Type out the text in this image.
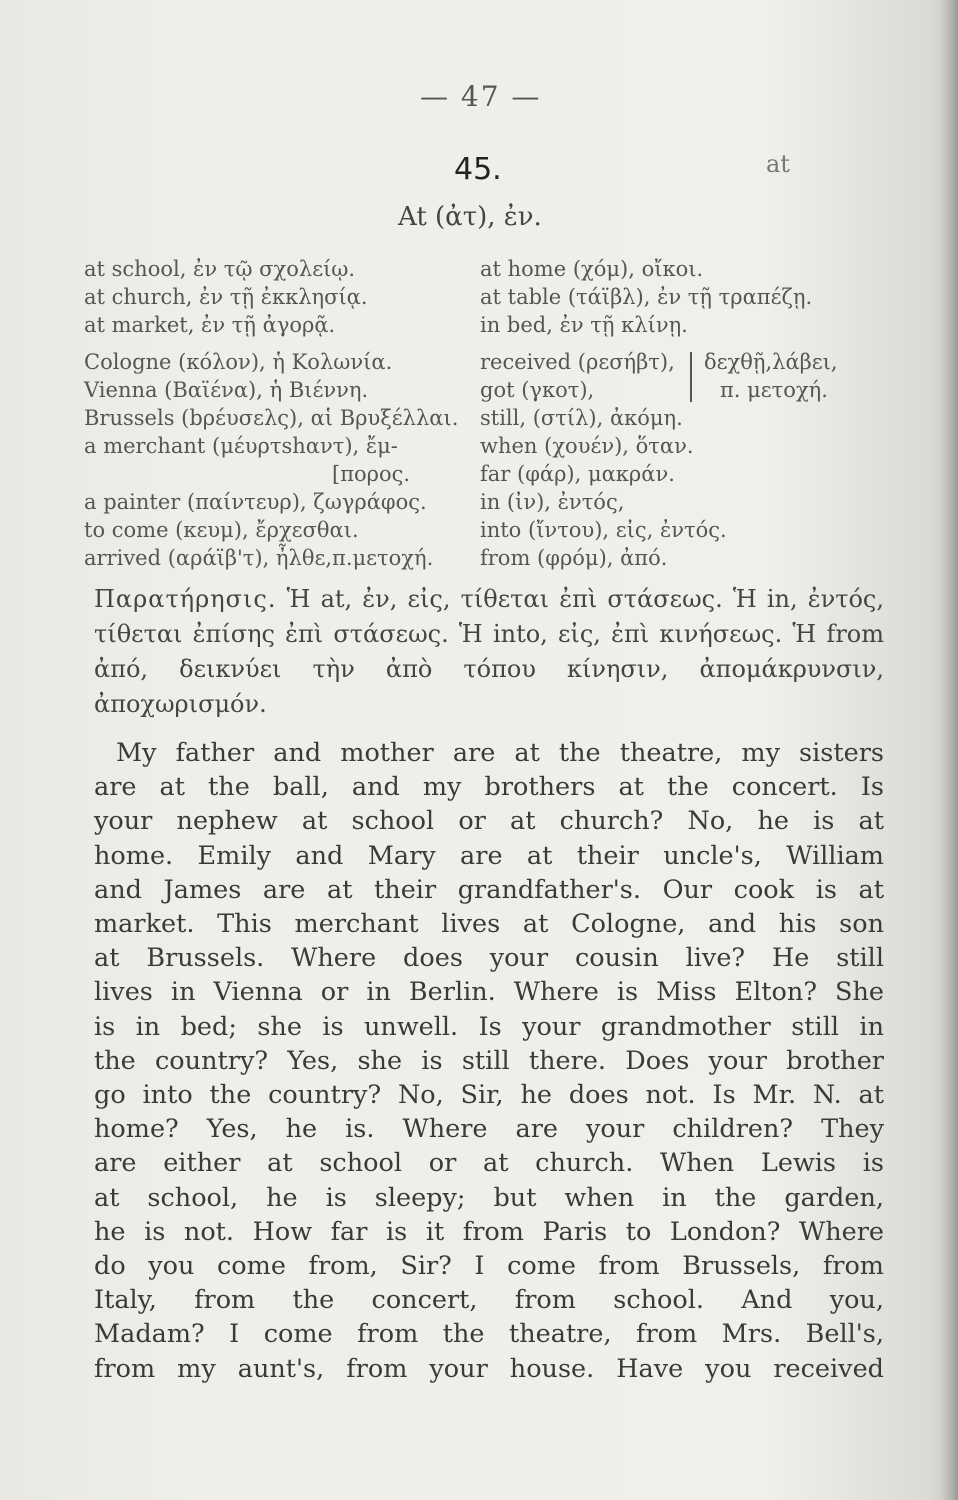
— 47 —
at
45.
At (ἀτ), ἐν.
at school, ἐν τῷ σχολείῳ.
at church, ἐν τῇ ἐκκλησίᾳ.
at market, ἐν τῇ ἀγορᾷ.
at home (χόμ), οἴκοι.
at table (τάϊβλ), ἐν τῇ τραπέζῃ.
in bed, ἐν τῇ κλίνῃ.
Cologne (κόλον), ἡ Κολωνία.
Vienna (Βαϊένα), ἡ Βιέννη.
Brussels (bρέυσελς), αἱ Βρυξέλλαι.
a merchant (μέυρτshαντ), ἔμ-
[πορος.
a painter (παίντευρ), ζωγράφος.
to come (κευμ), ἔρχεσθαι.
arrived (αράϊβ'τ), ἦλθε,π.μετοχή.
received (ρεσήβτ),
got (γκοτ),
still, (στίλ), ἀκόμη.
when (χουέν), ὅταν.
far (φάρ), μακράν.
in (ἰν), ἐντός,
into (ἴντου), εἰς, ἐντός.
from (φρόμ), ἀπό.
δεχθῇ,λάβει,
π. μετοχή.
Παρατήρησις. Ἡ at, ἐν, εἰς, τίθεται ἐπὶ στάσεως. Ἡ in, ἐντός, τίθεται ἐπίσης ἐπὶ στάσεως. Ἡ into, εἰς, ἐπὶ κινήσεως. Ἡ from ἀπό, δεικνύει τὴν ἀπὸ τόπου κίνησιν, ἀπομάκρυνσιν, ἀποχωρισμόν.
My father and mother are at the theatre, my sisters
are at the ball, and my brothers at the concert. Is
your nephew at school or at church? No, he is at
home. Emily and Mary are at their uncle's, William
and James are at their grandfather's. Our cook is at
market. This merchant lives at Cologne, and his son
at Brussels. Where does your cousin live? He still
lives in Vienna or in Berlin. Where is Miss Elton? She
is in bed; she is unwell. Is your grandmother still in
the country? Yes, she is still there. Does your brother
go into the country? No, Sir, he does not. Is Mr. N. at
home? Yes, he is. Where are your children? They
are either at school or at church. When Lewis is
at school, he is sleepy; but when in the garden,
he is not. How far is it from Paris to London? Where
do you come from, Sir? I come from Brussels, from
Italy, from the concert, from school. And you,
Madam? I come from the theatre, from Mrs. Bell's,
from my aunt's, from your house. Have you received
